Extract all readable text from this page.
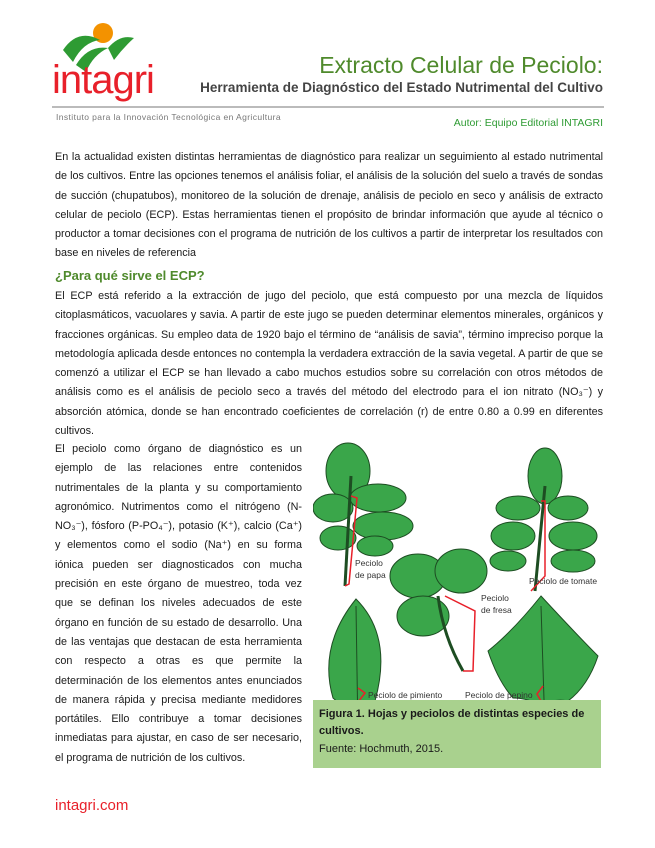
intagri	Extracto Celular de Peciolo:
Herramienta de Diagnóstico del Estado Nutrimental del Cultivo
Instituto para la Innovación Tecnológica en Agricultura	Autor: Equipo Editorial INTAGRI
En la actualidad existen distintas herramientas de diagnóstico para realizar un seguimiento al estado nutrimental de los cultivos. Entre las opciones tenemos el análisis foliar, el análisis de la solución del suelo a través de sondas de succión (chupatubos), monitoreo de la solución de drenaje, análisis de peciolo en seco y análisis de extracto celular de peciolo (ECP). Estas herramientas tienen el propósito de brindar información que ayude al técnico o productor a tomar decisiones con el programa de nutrición de los cultivos a partir de interpretar los resultados con base en niveles de referencia
¿Para qué sirve el ECP?
El ECP está referido a la extracción de jugo del peciolo, que está compuesto por una mezcla de líquidos citoplasmáticos, vacuolares y savia. A partir de este jugo se pueden determinar elementos minerales, orgánicos y fracciones orgánicas. Su empleo data de 1920 bajo el término de “análisis de savia”, término impreciso porque la metodología aplicada desde entonces no contempla la verdadera extracción de la savia vegetal. A partir de que se comenzó a utilizar el ECP se han llevado a cabo muchos estudios sobre su correlación con otros métodos de análisis como es el análisis de peciolo seco a través del método del electrodo para el ion nitrato (NO₃⁻) y absorción atómica, donde se han encontrado coeficientes de correlación (r) de entre 0.80 a 0.99 en diferentes cultivos.
El peciolo como órgano de diagnóstico es un ejemplo de las relaciones entre contenidos nutrimentales de la planta y su comportamiento agronómico. Nutrimentos como el nitrógeno (N-NO₃⁻), fósforo (P-PO₄⁻), potasio (K⁺), calcio (Ca⁺) y elementos como el sodio (Na⁺) en su forma iónica pueden ser diagnosticados con mucha precisión en este órgano de muestreo, toda vez que se definan los niveles adecuados de este órgano en función de su estado de desarrollo. Una de las ventajas que destacan de esta herramienta con respecto a otras es que permite la determinación de los elementos antes enunciados de manera rápida y precisa mediante medidores portátiles. Ello contribuye a tomar decisiones inmediatas para ajustar, en caso de ser necesario, el programa de nutrición de los cultivos.
Peciolo
de papa
Peciolo
de fresa
Peciolo de tomate
Peciolo de pimiento	Peciolo de pepino
Figura 1. Hojas y peciolos de distintas especies de cultivos.
Fuente: Hochmuth, 2015.
intagri.com
